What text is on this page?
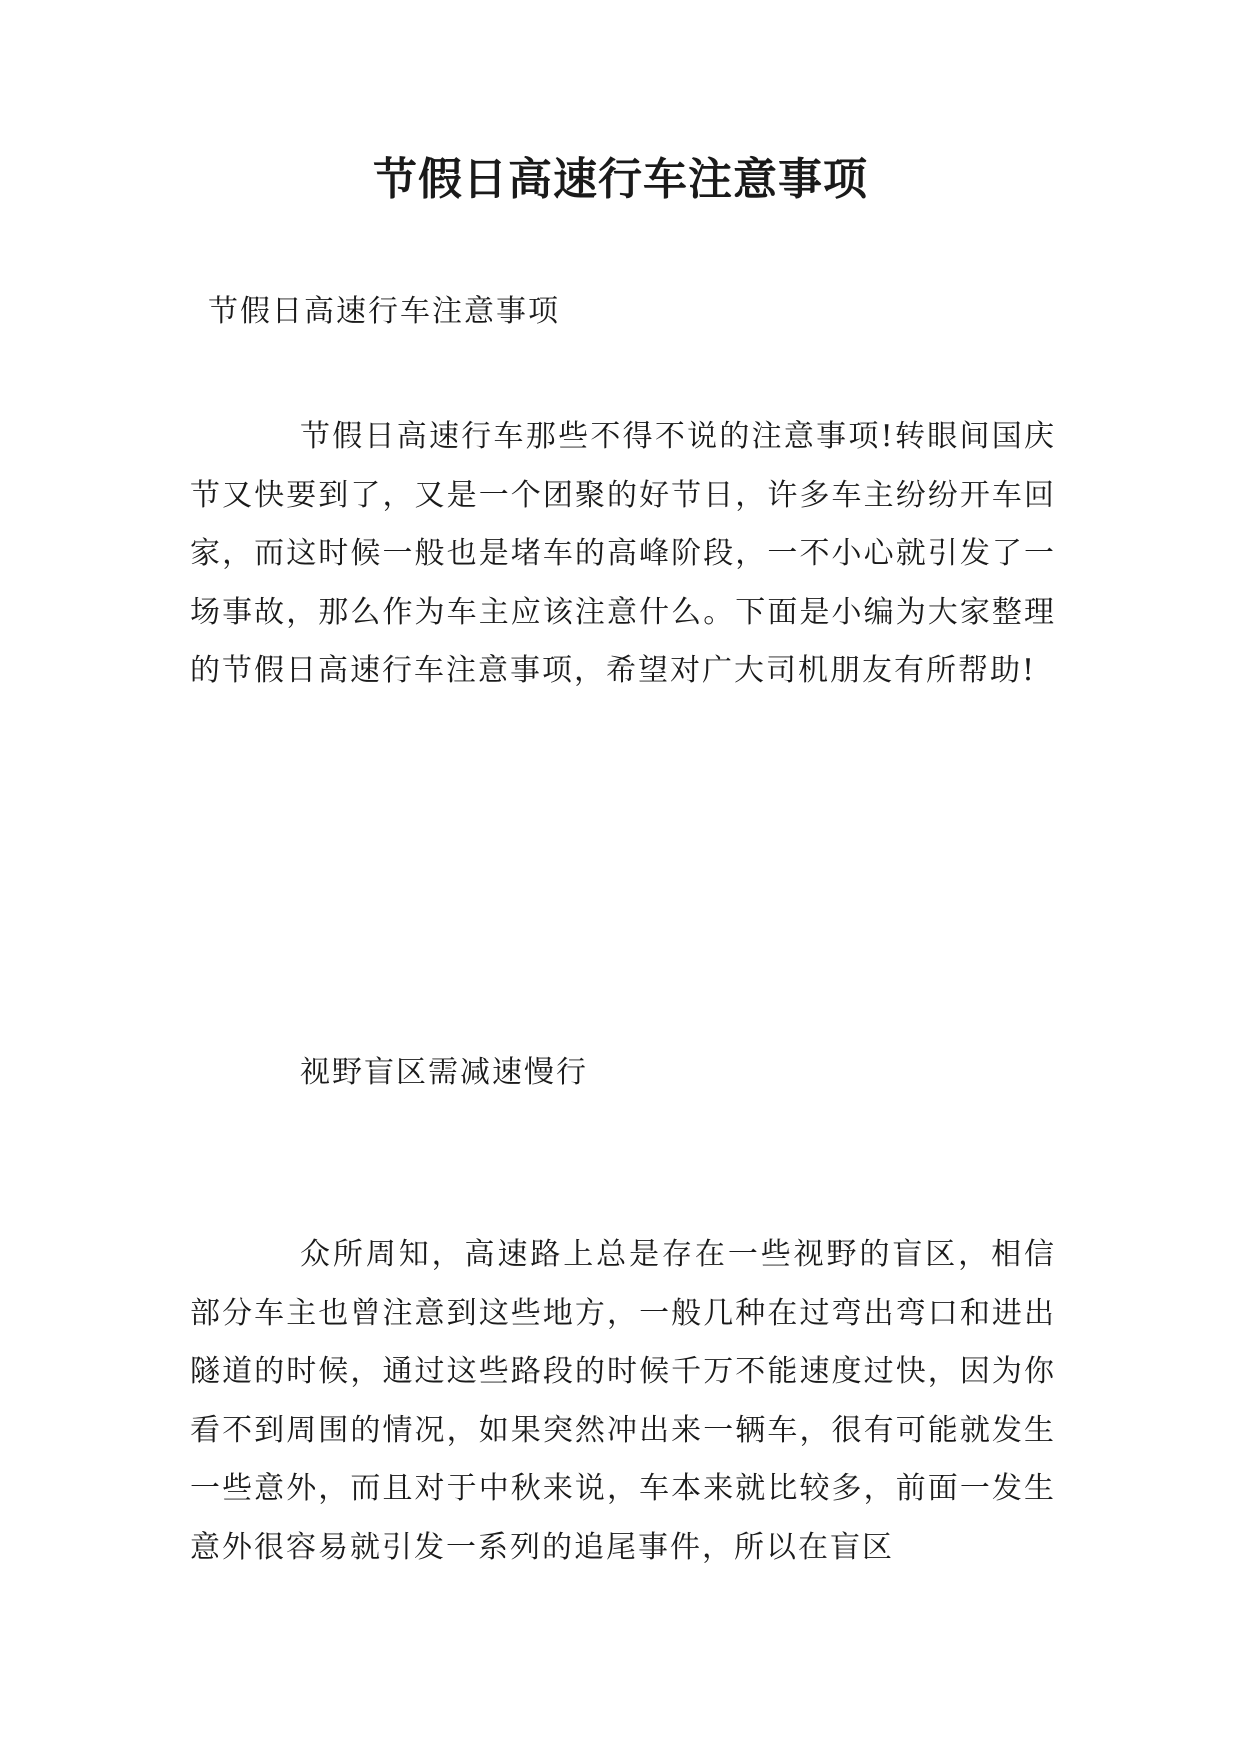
节假日高速行车注意事项

节假日高速行车注意事项

节假日高速行车那些不得不说的注意事项!转眼间国庆节又快要到了，又是一个团聚的好节日，许多车主纷纷开车回家，而这时候一般也是堵车的高峰阶段，一不小心就引发了一场事故，那么作为车主应该注意什么。下面是小编为大家整理的节假日高速行车注意事项，希望对广大司机朋友有所帮助!

视野盲区需减速慢行

众所周知，高速路上总是存在一些视野的盲区，相信部分车主也曾注意到这些地方，一般几种在过弯出弯口和进出隧道的时候，通过这些路段的时候千万不能速度过快，因为你看不到周围的情况，如果突然冲出来一辆车，很有可能就发生一些意外，而且对于中秋来说，车本来就比较多，前面一发生意外很容易就引发一系列的追尾事件，所以在盲区
